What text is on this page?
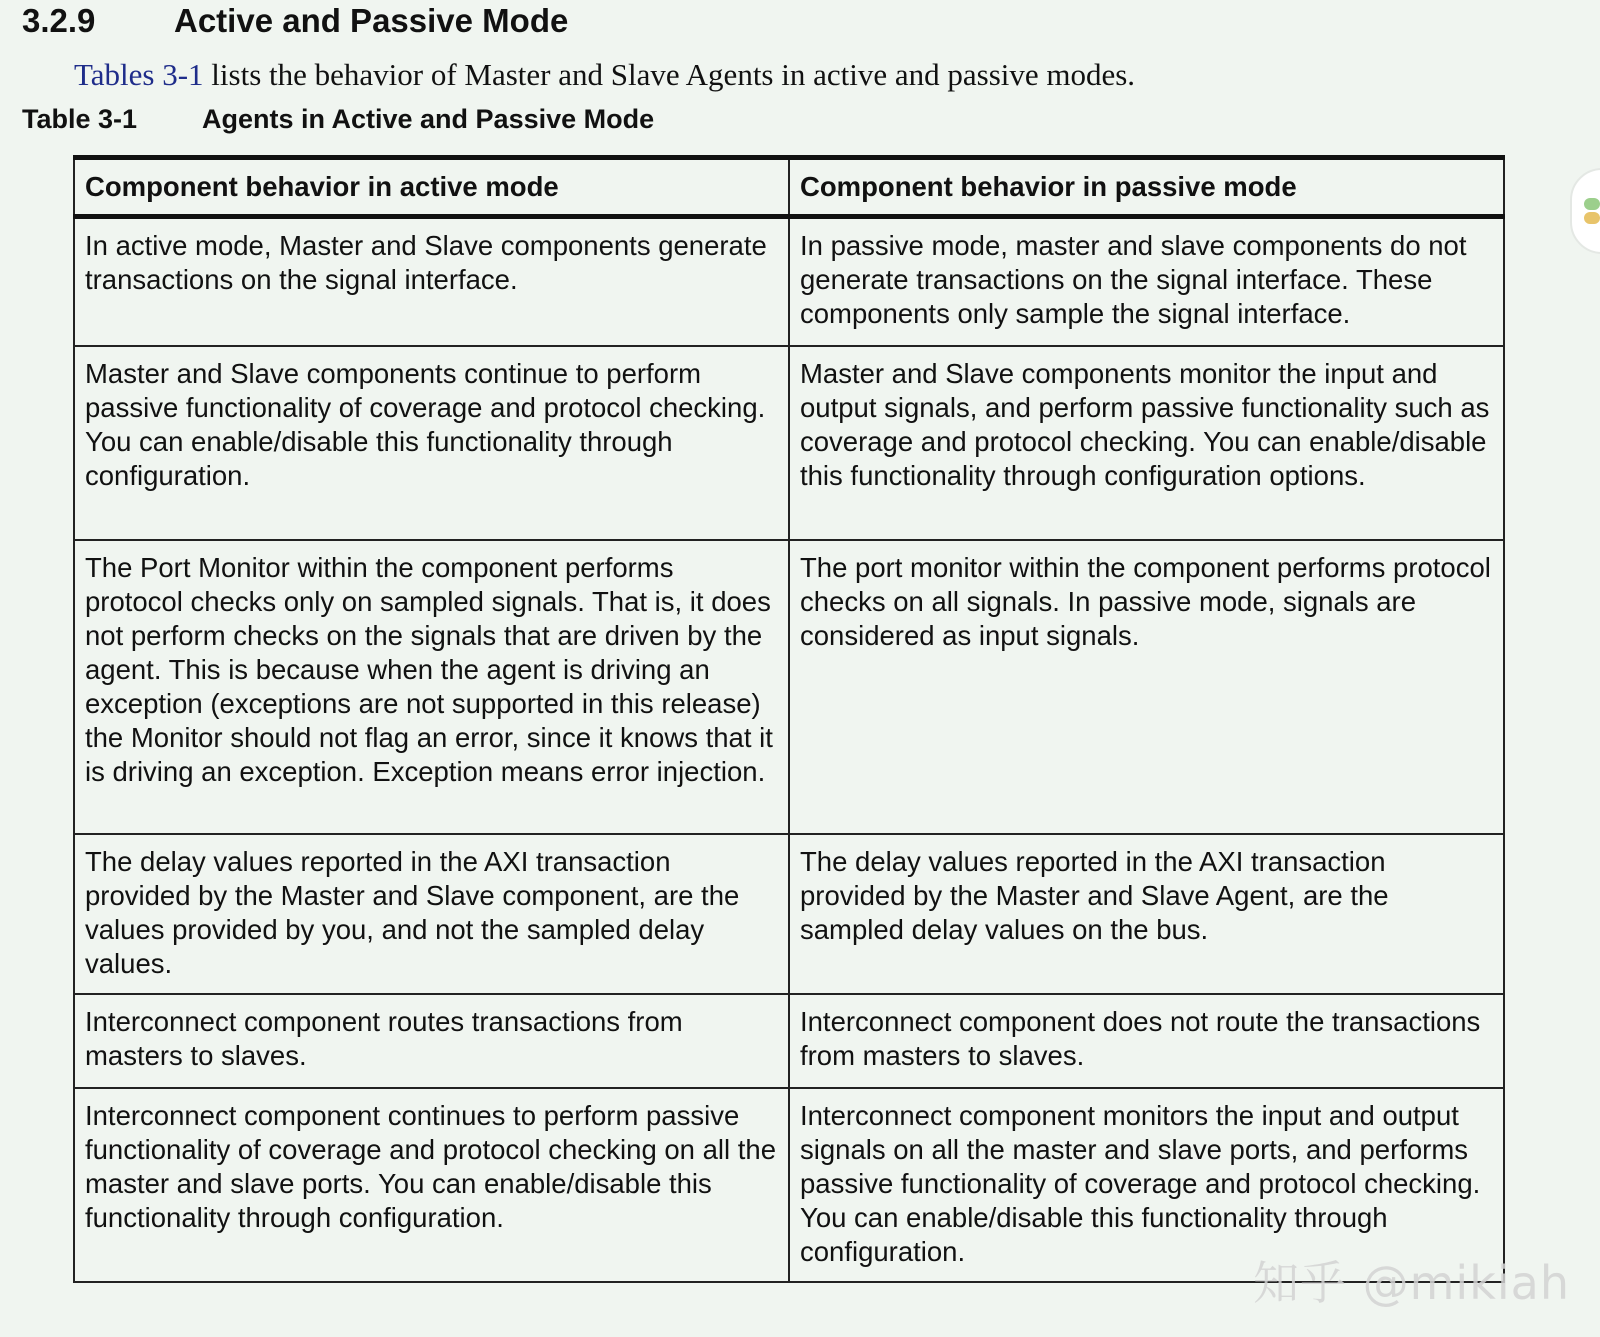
3.2.9 Active and Passive Mode

Tables 3-1 lists the behavior of Master and Slave Agents in active and passive modes.

Table 3-1 Agents in Active and Passive Mode

Component behavior in active mode	Component behavior in passive mode
In active mode, Master and Slave components generate transactions on the signal interface.	In passive mode, master and slave components do not generate transactions on the signal interface. These components only sample the signal interface.
Master and Slave components continue to perform passive functionality of coverage and protocol checking. You can enable/disable this functionality through configuration.	Master and Slave components monitor the input and output signals, and perform passive functionality such as coverage and protocol checking. You can enable/disable this functionality through configuration options.
The Port Monitor within the component performs protocol checks only on sampled signals. That is, it does not perform checks on the signals that are driven by the agent. This is because when the agent is driving an exception (exceptions are not supported in this release) the Monitor should not flag an error, since it knows that it is driving an exception. Exception means error injection.	The port monitor within the component performs protocol checks on all signals. In passive mode, signals are considered as input signals.
The delay values reported in the AXI transaction provided by the Master and Slave component, are the values provided by you, and not the sampled delay values.	The delay values reported in the AXI transaction provided by the Master and Slave Agent, are the sampled delay values on the bus.
Interconnect component routes transactions from masters to slaves.	Interconnect component does not route the transactions from masters to slaves.
Interconnect component continues to perform passive functionality of coverage and protocol checking on all the master and slave ports. You can enable/disable this functionality through configuration.	Interconnect component monitors the input and output signals on all the master and slave ports, and performs passive functionality of coverage and protocol checking. You can enable/disable this functionality through configuration.
知乎 @mikiah
